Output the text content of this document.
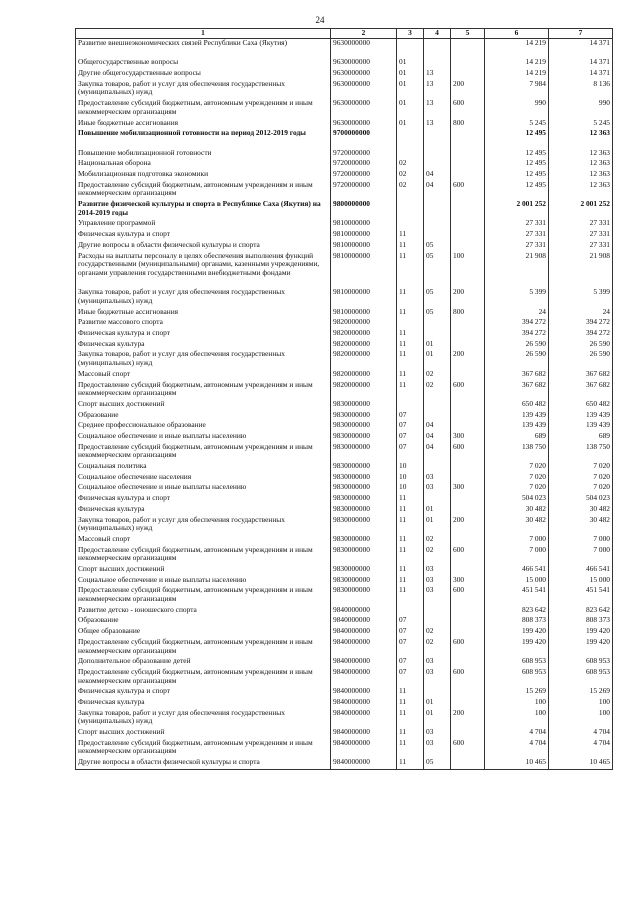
24
1	2	3	4	5	6	7
Развитие внешнеэкономических связей Республики Саха (Якутия)	9630000000				14 219	14 371
Общегосударственные вопросы	9630000000	01			14 219	14 371
Другие общегосударственные вопросы	9630000000	01	13		14 219	14 371
Закупка товаров, работ и услуг для обеспечения государственных (муниципальных) нужд	9630000000	01	13	200	7 984	8 136
Предоставление субсидий бюджетным, автономным учреждениям и иным некоммерческим организациям	9630000000	01	13	600	990	990
Иные бюджетные ассигнования	9630000000	01	13	800	5 245	5 245
Повышение мобилизационной готовности на период 2012-2019 годы	9700000000				12 495	12 363
Повышение мобилизационной готовности	9720000000				12 495	12 363
Национальная оборона	9720000000	02			12 495	12 363
Мобилизационная подготовка экономики	9720000000	02	04		12 495	12 363
Предоставление субсидий бюджетным, автономным учреждениям и иным некоммерческим организациям	9720000000	02	04	600	12 495	12 363
Развитие физической культуры и спорта в Республике Саха (Якутия) на 2014-2019 годы	9800000000				2 001 252	2 001 252
Управление программой	9810000000				27 331	27 331
Физическая культура и спорт	9810000000	11			27 331	27 331
Другие вопросы в области физической культуры и спорта	9810000000	11	05		27 331	27 331
Расходы на выплаты персоналу в целях обеспечения выполнения функций государственными (муниципальными) органами, казенными учреждениями, органами управления государственными внебюджетными фондами	9810000000	11	05	100	21 908	21 908
Закупка товаров, работ и услуг для обеспечения государственных (муниципальных) нужд	9810000000	11	05	200	5 399	5 399
Иные бюджетные ассигнования	9810000000	11	05	800	24	24
Развитие массового спорта	9820000000				394 272	394 272
Физическая культура и спорт	9820000000	11			394 272	394 272
Физическая культура	9820000000	11	01		26 590	26 590
Закупка товаров, работ и услуг для обеспечения государственных (муниципальных) нужд	9820000000	11	01	200	26 590	26 590
Массовый спорт	9820000000	11	02		367 682	367 682
Предоставление субсидий бюджетным, автономным учреждениям и иным некоммерческим организациям	9820000000	11	02	600	367 682	367 682
Спорт высших достижений	9830000000				650 482	650 482
Образование	9830000000	07			139 439	139 439
Среднее профессиональное образование	9830000000	07	04		139 439	139 439
Социальное обеспечение и иные выплаты населению	9830000000	07	04	300	689	689
Предоставление субсидий бюджетным, автономным учреждениям и иным некоммерческим организациям	9830000000	07	04	600	138 750	138 750
Социальная политика	9830000000	10			7 020	7 020
Социальное обеспечение населения	9830000000	10	03		7 020	7 020
Социальное обеспечение и иные выплаты населению	9830000000	10	03	300	7 020	7 020
Физическая культура и спорт	9830000000	11			504 023	504 023
Физическая культура	9830000000	11	01		30 482	30 482
Закупка товаров, работ и услуг для обеспечения государственных (муниципальных) нужд	9830000000	11	01	200	30 482	30 482
Массовый спорт	9830000000	11	02		7 000	7 000
Предоставление субсидий бюджетным, автономным учреждениям и иным некоммерческим организациям	9830000000	11	02	600	7 000	7 000
Спорт высших достижений	9830000000	11	03		466 541	466 541
Социальное обеспечение и иные выплаты населению	9830000000	11	03	300	15 000	15 000
Предоставление субсидий бюджетным, автономным учреждениям и иным некоммерческим организациям	9830000000	11	03	600	451 541	451 541
Развитие детско - юношеского спорта	9840000000				823 642	823 642
Образование	9840000000	07			808 373	808 373
Общее образование	9840000000	07	02		199 420	199 420
Предоставление субсидий бюджетным, автономным учреждениям и иным некоммерческим организациям	9840000000	07	02	600	199 420	199 420
Дополнительное образование детей	9840000000	07	03		608 953	608 953
Предоставление субсидий бюджетным, автономным учреждениям и иным некоммерческим организациям	9840000000	07	03	600	608 953	608 953
Физическая культура и спорт	9840000000	11			15 269	15 269
Физическая культура	9840000000	11	01		100	100
Закупка товаров, работ и услуг для обеспечения государственных (муниципальных) нужд	9840000000	11	01	200	100	100
Спорт высших достижений	9840000000	11	03		4 704	4 704
Предоставление субсидий бюджетным, автономным учреждениям и иным некоммерческим организациям	9840000000	11	03	600	4 704	4 704
Другие вопросы в области физической культуры и спорта	9840000000	11	05		10 465	10 465
